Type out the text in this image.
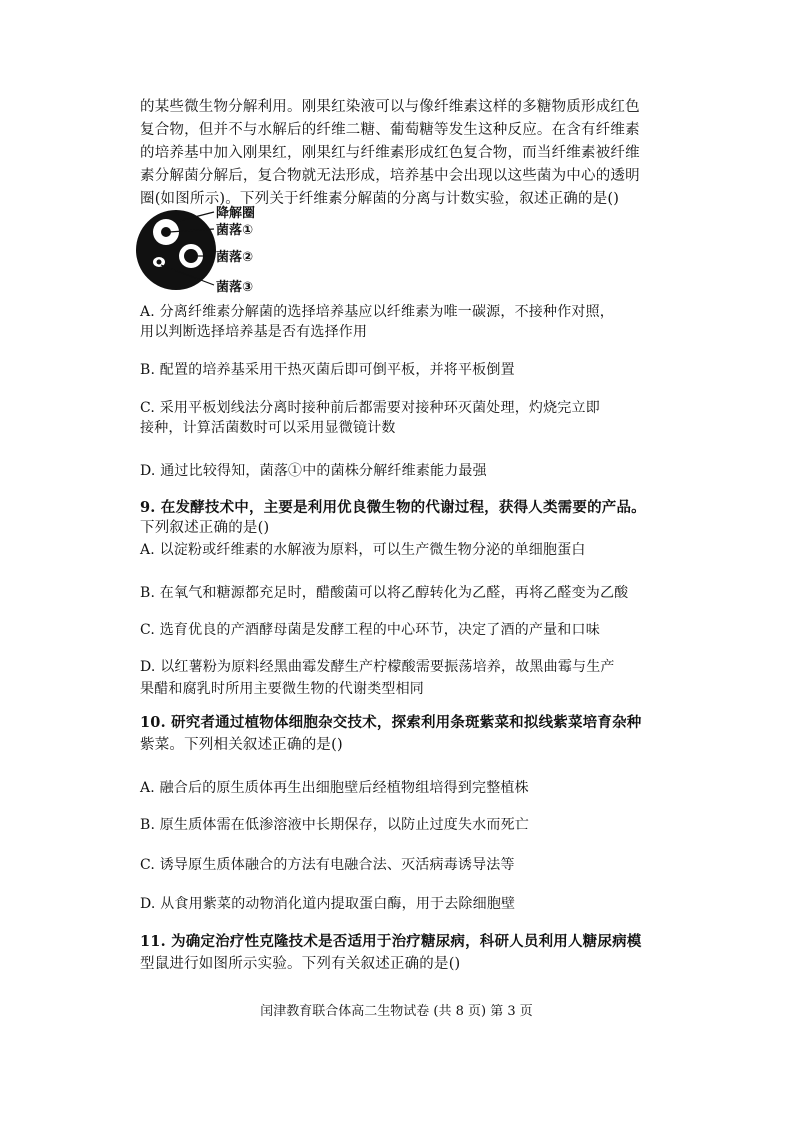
的某些微生物分解利用。刚果红染液可以与像纤维素这样的多糖物质形成红色
复合物，但并不与水解后的纤维二糖、葡萄糖等发生这种反应。在含有纤维素
的培养基中加入刚果红，刚果红与纤维素形成红色复合物，而当纤维素被纤维
素分解菌分解后，复合物就无法形成，培养基中会出现以这些菌为中心的透明
圈(如图所示)。下列关于纤维素分解菌的分离与计数实验，叙述正确的是()
降解圈
菌落①
菌落②
菌落③
A. 分离纤维素分解菌的选择培养基应以纤维素为唯一碳源，不接种作对照，
用以判断选择培养基是否有选择作用
B. 配置的培养基采用干热灭菌后即可倒平板，并将平板倒置
C. 采用平板划线法分离时接种前后都需要对接种环灭菌处理，灼烧完立即
接种，计算活菌数时可以采用显微镜计数
D. 通过比较得知，菌落①中的菌株分解纤维素能力最强
9. 在发酵技术中，主要是利用优良微生物的代谢过程，获得人类需要的产品。
下列叙述正确的是()
A. 以淀粉或纤维素的水解液为原料，可以生产微生物分泌的单细胞蛋白
B. 在氧气和糖源都充足时，醋酸菌可以将乙醇转化为乙醛，再将乙醛变为乙酸
C. 选育优良的产酒酵母菌是发酵工程的中心环节，决定了酒的产量和口味
D. 以红薯粉为原料经黑曲霉发酵生产柠檬酸需要振荡培养，故黑曲霉与生产
果醋和腐乳时所用主要微生物的代谢类型相同
10. 研究者通过植物体细胞杂交技术，探索利用条斑紫菜和拟线紫菜培育杂种
紫菜。下列相关叙述正确的是()
A. 融合后的原生质体再生出细胞壁后经植物组培得到完整植株
B. 原生质体需在低渗溶液中长期保存，以防止过度失水而死亡
C. 诱导原生质体融合的方法有电融合法、灭活病毒诱导法等
D. 从食用紫菜的动物消化道内提取蛋白酶，用于去除细胞壁
11. 为确定治疗性克隆技术是否适用于治疗糖尿病，科研人员利用人糖尿病模
型鼠进行如图所示实验。下列有关叙述正确的是()
闰津教育联合体高二生物试卷 (共 8 页) 第 3 页
